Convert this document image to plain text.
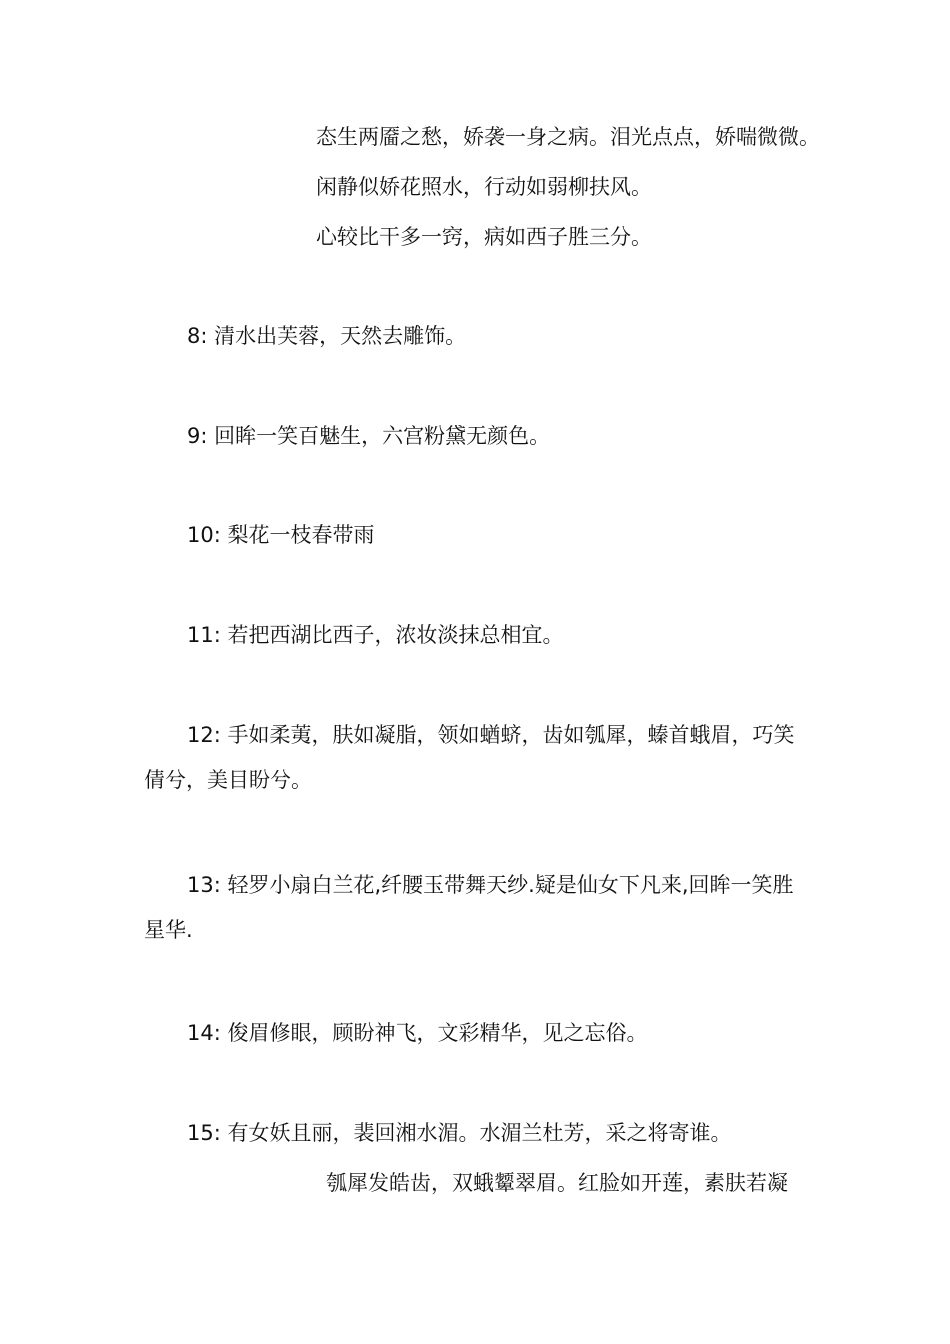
态生两靥之愁，娇袭一身之病。泪光点点，娇喘微微。
闲静似娇花照水，行动如弱柳扶风。
心较比干多一窍，病如西子胜三分。
8: 清水出芙蓉，天然去雕饰。
9: 回眸一笑百魅生，六宫粉黛无颜色。
10: 梨花一枝春带雨
11: 若把西湖比西子，浓妆淡抹总相宜。
12: 手如柔荑，肤如凝脂，领如蝤蛴，齿如瓠犀，螓首蛾眉，巧笑
倩兮，美目盼兮。
13: 轻罗小扇白兰花,纤腰玉带舞天纱.疑是仙女下凡来,回眸一笑胜
星华.
14: 俊眉修眼，顾盼神飞，文彩精华，见之忘俗。
15: 有女妖且丽，裴回湘水湄。水湄兰杜芳，采之将寄谁。
瓠犀发皓齿，双蛾颦翠眉。红脸如开莲，素肤若凝
